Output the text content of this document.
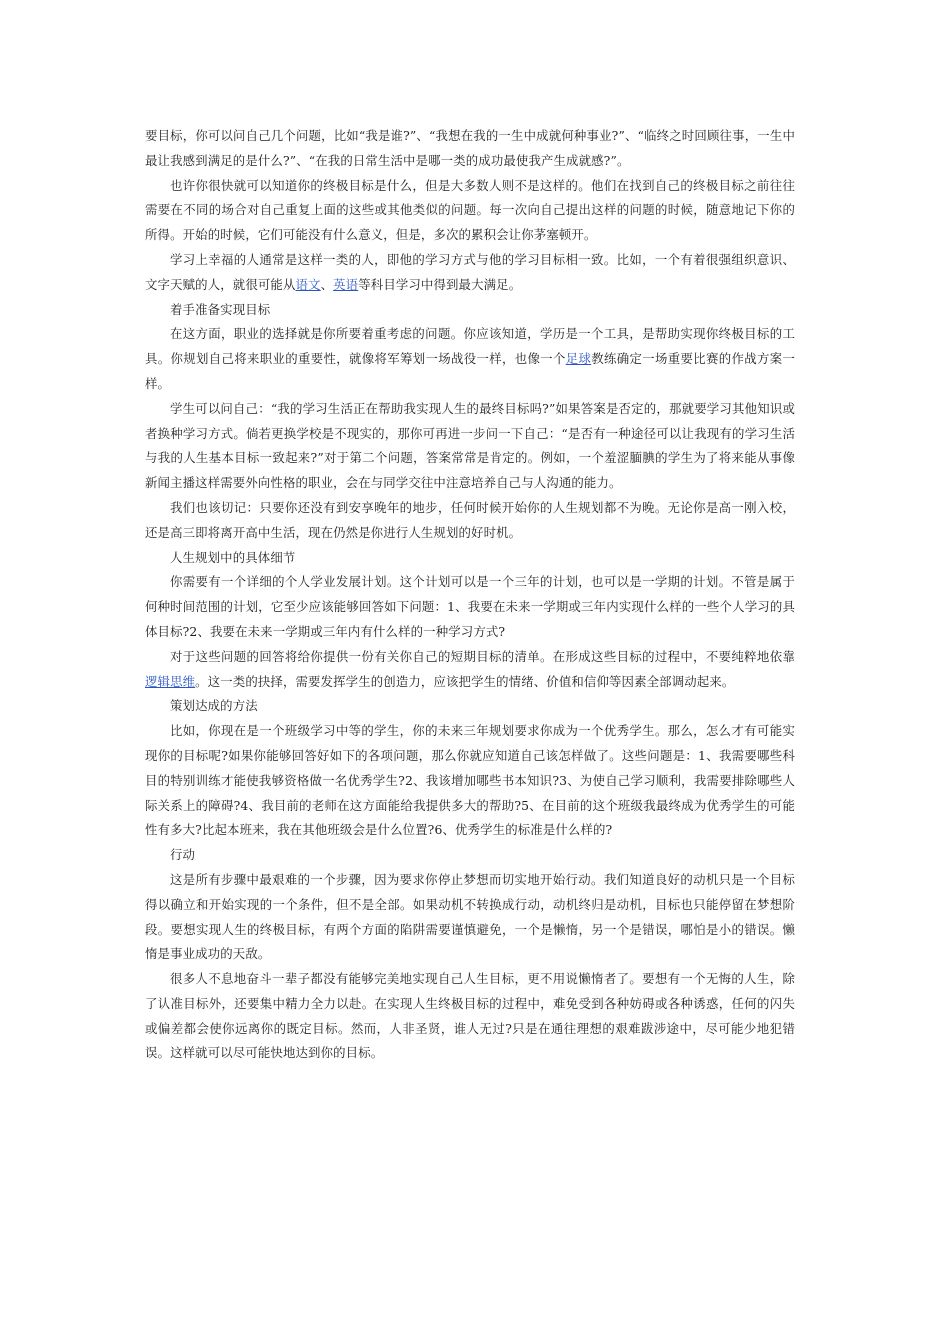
要目标，你可以问自己几个问题，比如“我是谁?”、“我想在我的一生中成就何种事业?”、“临终之时回顾往事，一生中最让我感到满足的是什么?”、“在我的日常生活中是哪一类的成功最使我产生成就感?”。

也许你很快就可以知道你的终极目标是什么，但是大多数人则不是这样的。他们在找到自己的终极目标之前往往需要在不同的场合对自己重复上面的这些或其他类似的问题。每一次向自己提出这样的问题的时候，随意地记下你的所得。开始的时候，它们可能没有什么意义，但是，多次的累积会让你茅塞顿开。

学习上幸福的人通常是这样一类的人，即他的学习方式与他的学习目标相一致。比如，一个有着很强组织意识、文字天赋的人，就很可能从语文、英语等科目学习中得到最大满足。

着手准备实现目标

在这方面，职业的选择就是你所要着重考虑的问题。你应该知道，学历是一个工具，是帮助实现你终极目标的工具。你规划自己将来职业的重要性，就像将军筹划一场战役一样，也像一个足球教练确定一场重要比赛的作战方案一样。

学生可以问自己：“我的学习生活正在帮助我实现人生的最终目标吗?”如果答案是否定的，那就要学习其他知识或者换种学习方式。倘若更换学校是不现实的，那你可再进一步问一下自己：“是否有一种途径可以让我现有的学习生活与我的人生基本目标一致起来?”对于第二个问题，答案常常是肯定的。例如，一个羞涩腼腆的学生为了将来能从事像新闻主播这样需要外向性格的职业，会在与同学交往中注意培养自己与人沟通的能力。

我们也该切记：只要你还没有到安享晚年的地步，任何时候开始你的人生规划都不为晚。无论你是高一刚入校，还是高三即将离开高中生活，现在仍然是你进行人生规划的好时机。

人生规划中的具体细节

你需要有一个详细的个人学业发展计划。这个计划可以是一个三年的计划，也可以是一学期的计划。不管是属于何种时间范围的计划，它至少应该能够回答如下问题：1、我要在未来一学期或三年内实现什么样的一些个人学习的具体目标?2、我要在未来一学期或三年内有什么样的一种学习方式?

对于这些问题的回答将给你提供一份有关你自己的短期目标的清单。在形成这些目标的过程中，不要纯粹地依靠逻辑思维。这一类的抉择，需要发挥学生的创造力，应该把学生的情绪、价值和信仰等因素全部调动起来。

策划达成的方法

比如，你现在是一个班级学习中等的学生，你的未来三年规划要求你成为一个优秀学生。那么，怎么才有可能实现你的目标呢?如果你能够回答好如下的各项问题，那么你就应知道自己该怎样做了。这些问题是：1、我需要哪些科目的特别训练才能使我够资格做一名优秀学生?2、我该增加哪些书本知识?3、为使自己学习顺利，我需要排除哪些人际关系上的障碍?4、我目前的老师在这方面能给我提供多大的帮助?5、在目前的这个班级我最终成为优秀学生的可能性有多大?比起本班来，我在其他班级会是什么位置?6、优秀学生的标准是什么样的?

行动

这是所有步骤中最艰难的一个步骤，因为要求你停止梦想而切实地开始行动。我们知道良好的动机只是一个目标得以确立和开始实现的一个条件，但不是全部。如果动机不转换成行动，动机终归是动机，目标也只能停留在梦想阶段。要想实现人生的终极目标，有两个方面的陷阱需要谨慎避免，一个是懒惰，另一个是错误，哪怕是小的错误。懒惰是事业成功的天敌。

很多人不息地奋斗一辈子都没有能够完美地实现自己人生目标，更不用说懒惰者了。要想有一个无悔的人生，除了认准目标外，还要集中精力全力以赴。在实现人生终极目标的过程中，难免受到各种妨碍或各种诱惑，任何的闪失或偏差都会使你远离你的既定目标。然而，人非圣贤，谁人无过?只是在通往理想的艰难跋涉途中，尽可能少地犯错误。这样就可以尽可能快地达到你的目标。
